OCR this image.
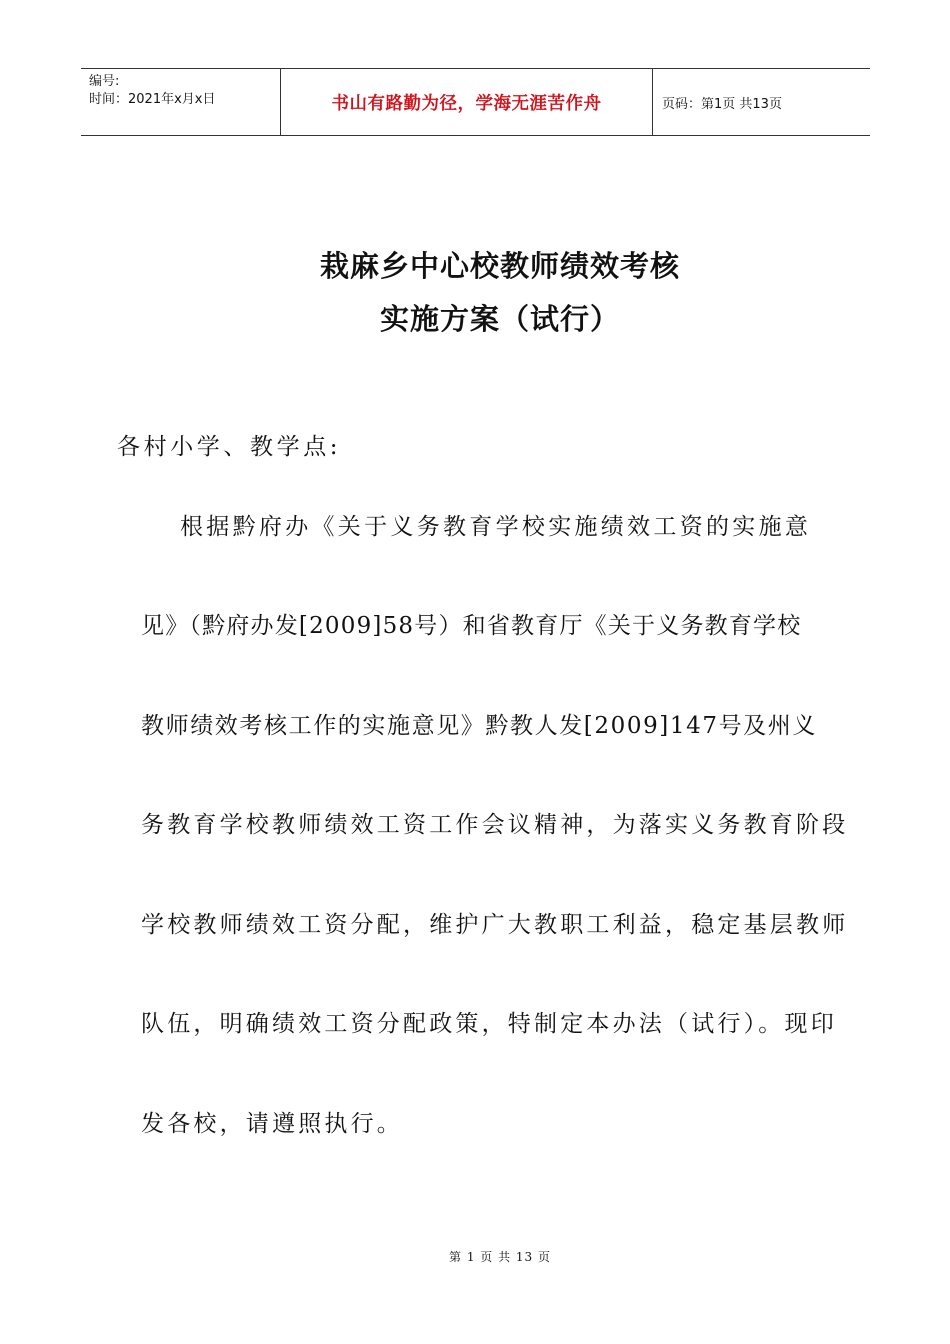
编号:
时间：2021年x月x日	书山有路勤为径，学海无涯苦作舟	页码：第1页 共13页
栽麻乡中心校教师绩效考核
实施方案（试行）
各村小学、教学点:
根据黔府办《关于义务教育学校实施绩效工资的实施意
见》（黔府办发[2009]58号）和省教育厅《关于义务教育学校
教师绩效考核工作的实施意见》黔教人发[2009]147号及州义
务教育学校教师绩效工资工作会议精神，为落实义务教育阶段
学校教师绩效工资分配，维护广大教职工利益，稳定基层教师
队伍，明确绩效工资分配政策，特制定本办法（试行）。现印
发各校，请遵照执行。
第 1 页 共 13 页
